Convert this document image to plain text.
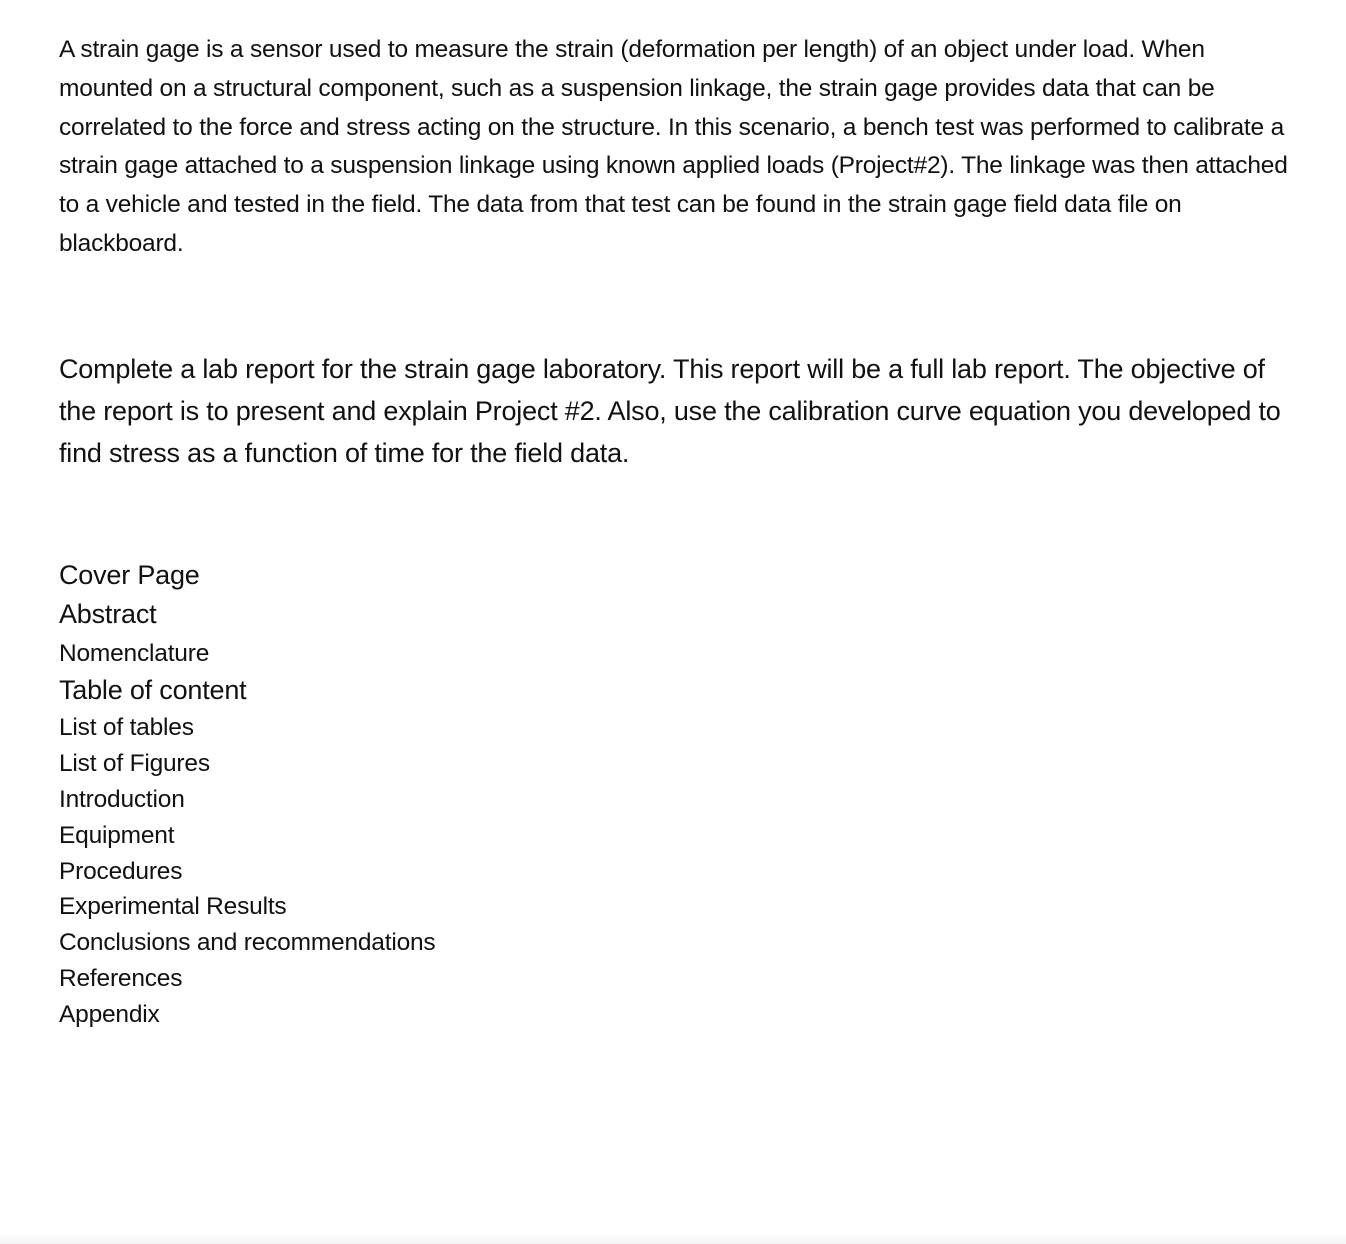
A strain gage is a sensor used to measure the strain (deformation per length) of an object under load. When mounted on a structural component, such as a suspension linkage, the strain gage provides data that can be correlated to the force and stress acting on the structure. In this scenario, a bench test was performed to calibrate a strain gage attached to a suspension linkage using known applied loads (Project#2). The linkage was then attached to a vehicle and tested in the field. The data from that test can be found in the strain gage field data file on blackboard.

Complete a lab report for the strain gage laboratory. This report will be a full lab report. The objective of the report is to present and explain Project #2. Also, use the calibration curve equation you developed to find stress as a function of time for the field data.

Cover Page
Abstract
Nomenclature
Table of content
List of tables
List of Figures
Introduction
Equipment
Procedures
Experimental Results
Conclusions and recommendations
References
Appendix
